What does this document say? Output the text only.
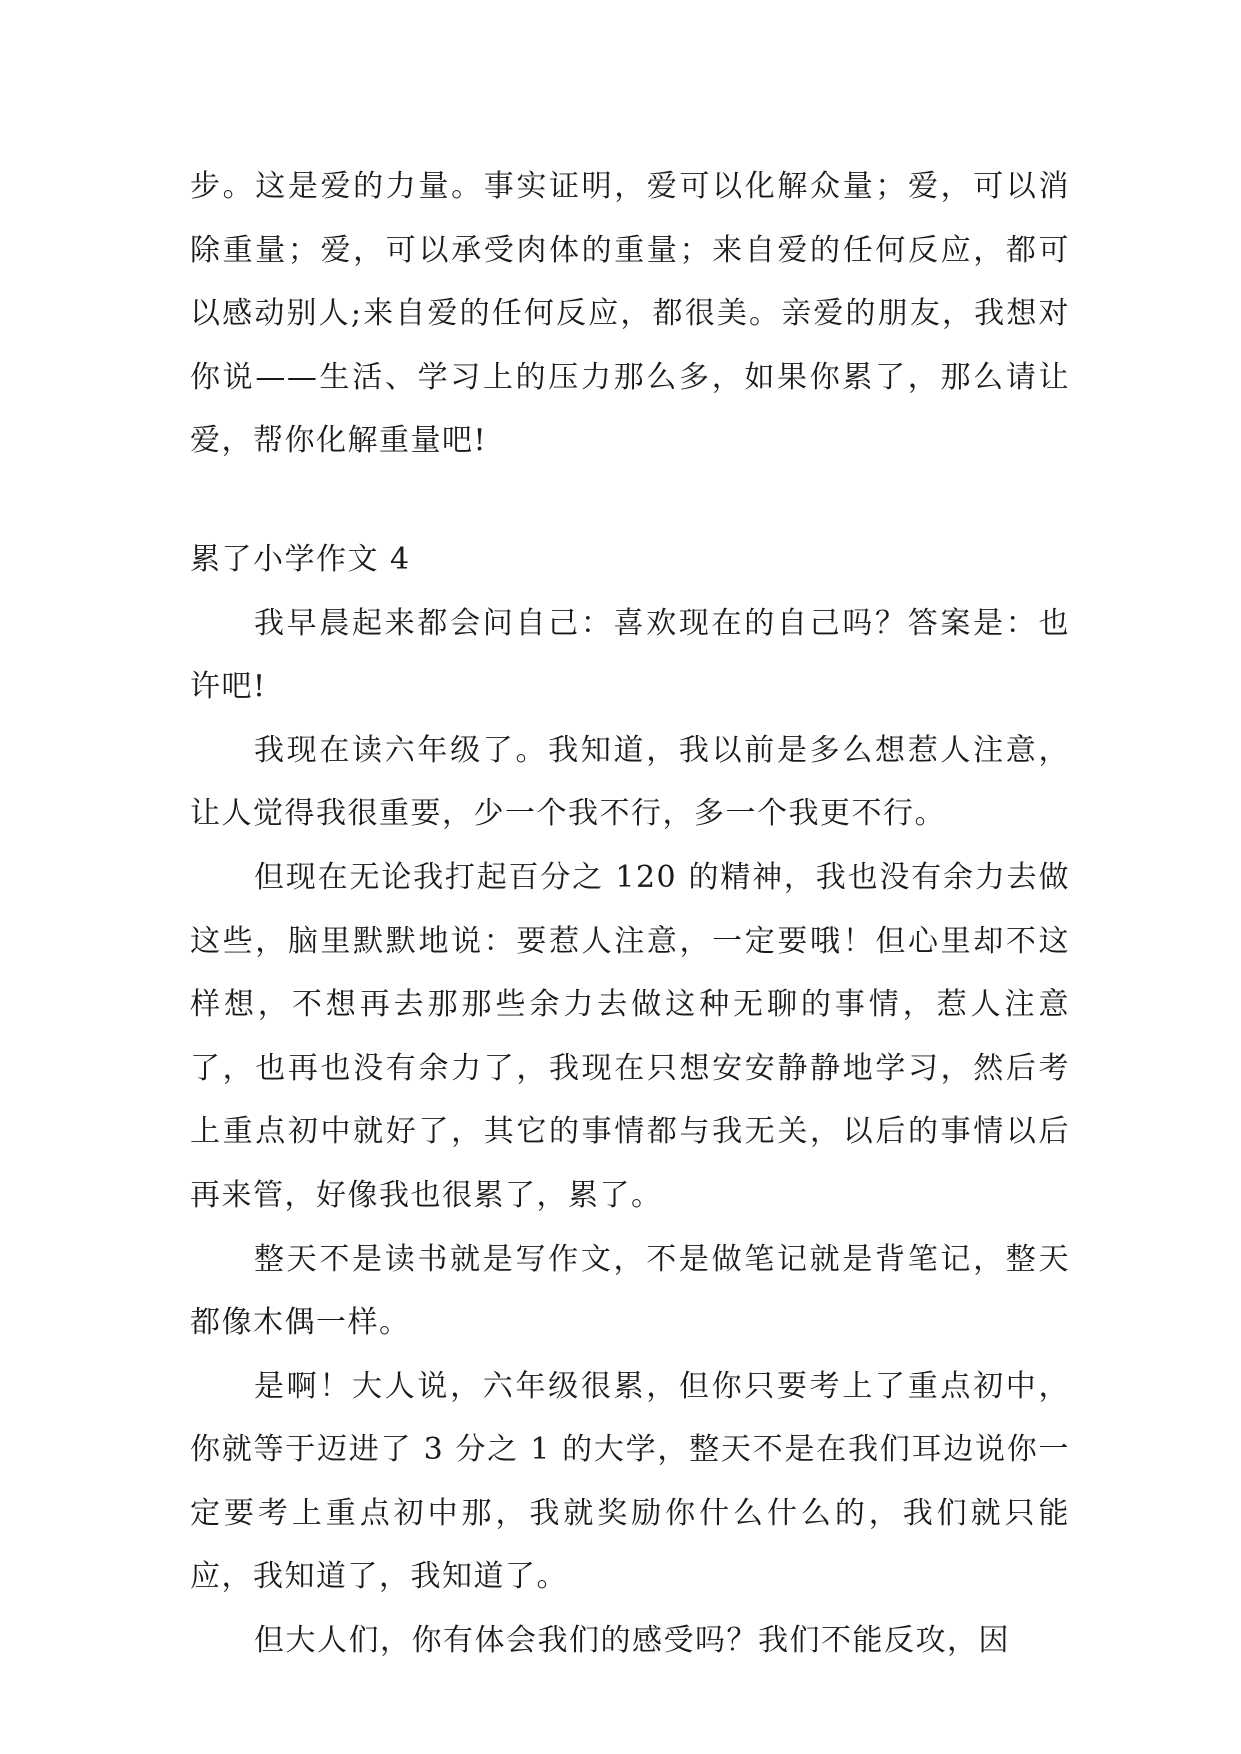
步。这是爱的力量。事实证明，爱可以化解众量；爱，可以消除重量；爱，可以承受肉体的重量；来自爱的任何反应，都可以感动别人;来自爱的任何反应，都很美。亲爱的朋友，我想对你说——生活、学习上的压力那么多，如果你累了，那么请让爱，帮你化解重量吧!

累了小学作文 4

我早晨起来都会问自己：喜欢现在的自己吗？答案是：也许吧!

我现在读六年级了。我知道，我以前是多么想惹人注意，让人觉得我很重要，少一个我不行，多一个我更不行。

但现在无论我打起百分之 120 的精神，我也没有余力去做这些，脑里默默地说：要惹人注意，一定要哦！但心里却不这样想，不想再去那那些余力去做这种无聊的事情，惹人注意了，也再也没有余力了，我现在只想安安静静地学习，然后考上重点初中就好了，其它的事情都与我无关，以后的事情以后再来管，好像我也很累了，累了。

整天不是读书就是写作文，不是做笔记就是背笔记，整天都像木偶一样。

是啊！大人说，六年级很累，但你只要考上了重点初中，你就等于迈进了 3 分之 1 的大学，整天不是在我们耳边说你一定要考上重点初中那，我就奖励你什么什么的，我们就只能应，我知道了，我知道了。

但大人们，你有体会我们的感受吗？我们不能反攻，因
